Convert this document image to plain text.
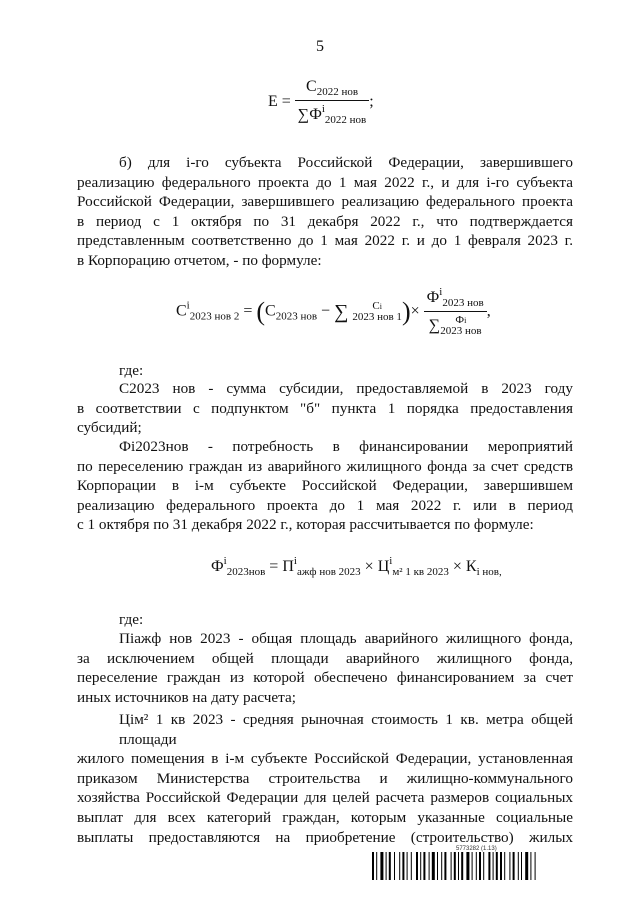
5
$E = \frac{С_{2022 нов}}{\sum Ф^i_{2022 нов}}$ ;
б) для i-го субъекта Российской Федерации, завершившего
реализацию федерального проекта до 1 мая 2022 г., и для i-го субъекта
Российской Федерации, завершившего реализацию федерального проекта
в период с 1 октября по 31 декабря 2022 г., что подтверждается
представленным соответственно до 1 мая 2022 г. и до 1 февраля 2023 г.
в Корпорацию отчетом, - по формуле:
$С^i_{2023 нов 2} = (С_{2023 нов}$ − ∑	Сi
2023 нов 1 )× $Ф^i_{2023 нов}$
∑	Фi
2023 нов ,
где:
С2023 нов - сумма субсидии, предоставляемой в 2023 году
в соответствии с подпунктом "б" пункта 1 порядка предоставления
субсидий;
Фi2023нов - потребность в финансировании мероприятий
по переселению граждан из аварийного жилищного фонда за счет средств
Корпорации в i-м субъекте Российской Федерации, завершившем
реализацию федерального проекта до 1 мая 2022 г. или в период
с 1 октября по 31 декабря 2022 г., которая рассчитывается по формуле:
$Ф^i_{2023нов} = П^i_{ажф нов 2023} \times Ц^i_{м^2 1 кв 2023} \times К_{i нов,}$
где:
Пiажф нов 2023 - общая площадь аварийного жилищного фонда,
за исключением общей площади аварийного жилищного фонда,
переселение граждан из которой обеспечено финансированием за счет
иных источников на дату расчета;
Цiм² 1 кв 2023 - средняя рыночная стоимость 1 кв. метра общей площади
жилого помещения в i-м субъекте Российской Федерации, установленная
приказом Министерства строительства и жилищно-коммунального
хозяйства Российской Федерации для целей расчета размеров социальных
выплат для всех категорий граждан, которым указанные социальные
выплаты предоставляются на приобретение (строительство) жилых
5773282 (1.13)
